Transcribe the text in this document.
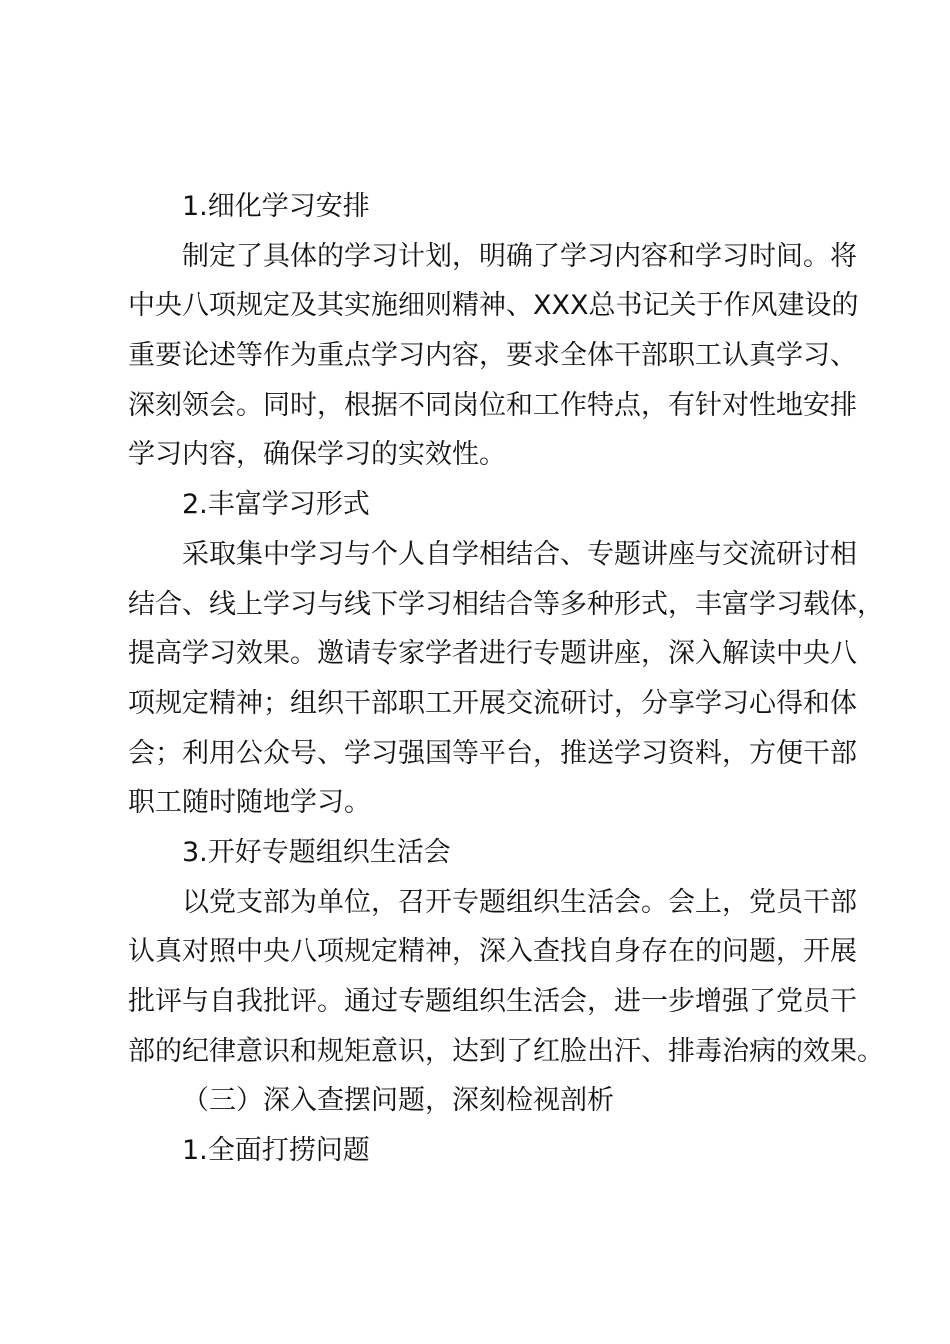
1.细化学习安排
制定了具体的学习计划，明确了学习内容和学习时间。将
中央八项规定及其实施细则精神、XXX总书记关于作风建设的
重要论述等作为重点学习内容，要求全体干部职工认真学习、
深刻领会。同时，根据不同岗位和工作特点，有针对性地安排
学习内容，确保学习的实效性。
2.丰富学习形式
采取集中学习与个人自学相结合、专题讲座与交流研讨相
结合、线上学习与线下学习相结合等多种形式，丰富学习载体，
提高学习效果。邀请专家学者进行专题讲座，深入解读中央八
项规定精神；组织干部职工开展交流研讨，分享学习心得和体
会；利用公众号、学习强国等平台，推送学习资料，方便干部
职工随时随地学习。
3.开好专题组织生活会
以党支部为单位，召开专题组织生活会。会上，党员干部
认真对照中央八项规定精神，深入查找自身存在的问题，开展
批评与自我批评。通过专题组织生活会，进一步增强了党员干
部的纪律意识和规矩意识，达到了红脸出汗、排毒治病的效果。
（三）深入查摆问题，深刻检视剖析
1.全面打捞问题
